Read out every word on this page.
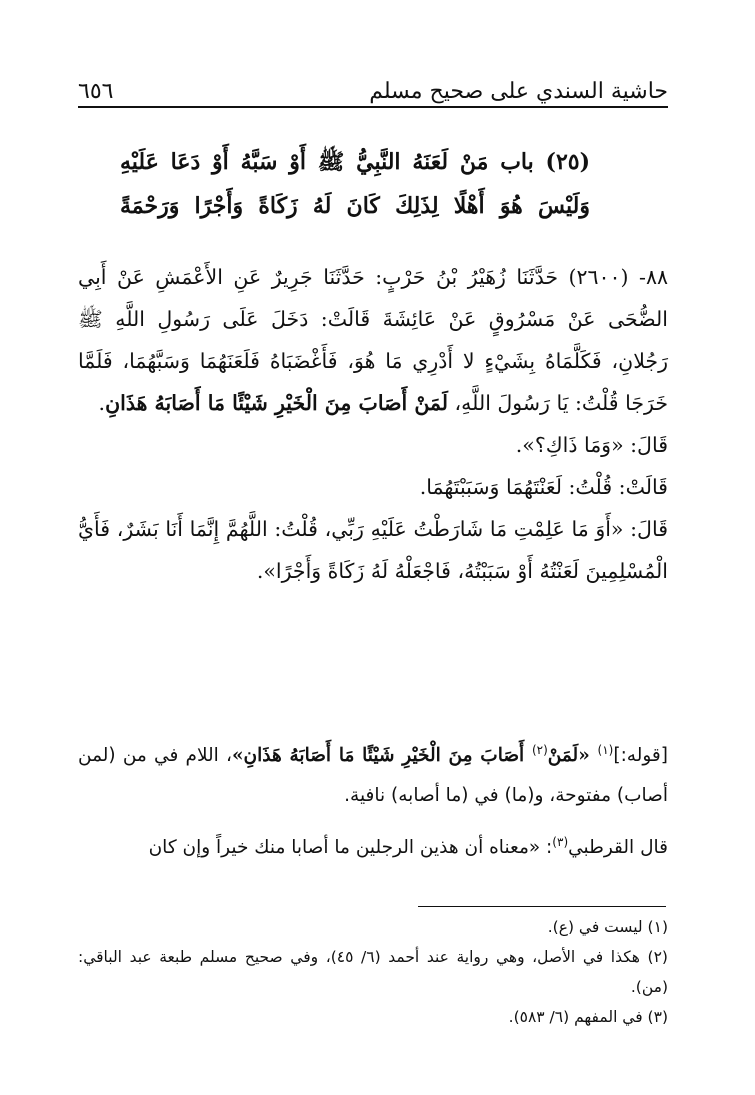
٦٥٦	حاشية السندي على صحيح مسلم
(٢٥) باب مَنْ لَعَنَهُ النَّبِيُّ ﷺ أَوْ سَبَّهُ أَوْ دَعَا عَلَيْهِ
وَلَيْسَ هُوَ أَهْلًا لِذَلِكَ كَانَ لَهُ زَكَاةً وَأَجْرًا وَرَحْمَةً

٨٨- (٢٦٠٠) حَدَّثَنَا زُهَيْرُ بْنُ حَرْبٍ: حَدَّثَنَا جَرِيرٌ عَنِ الأَعْمَشِ عَنْ أَبِي الضُّحَى عَنْ مَسْرُوقٍ عَنْ عَائِشَةَ قَالَتْ: دَخَلَ عَلَى رَسُولِ اللَّهِ ﷺ رَجُلانِ، فَكَلَّمَاهُ بِشَيْءٍ لا أَدْرِي مَا هُوَ، فَأَغْضَبَاهُ فَلَعَنَهُمَا وَسَبَّهُمَا، فَلَمَّا خَرَجَا قُلْتُ: يَا رَسُولَ اللَّهِ، لَمَنْ أَصَابَ مِنَ الْخَيْرِ شَيْئًا مَا أَصَابَهُ هَذَانِ.

قَالَ: «وَمَا ذَاكِ؟».

قَالَتْ: قُلْتُ: لَعَنْتَهُمَا وَسَبَبْتَهُمَا.

قَالَ: «أَوَ مَا عَلِمْتِ مَا شَارَطْتُ عَلَيْهِ رَبِّي، قُلْتُ: اللَّهُمَّ إِنَّمَا أَنَا بَشَرٌ، فَأَيُّ الْمُسْلِمِينَ لَعَنْتُهُ أَوْ سَبَبْتُهُ، فَاجْعَلْهُ لَهُ زَكَاةً وَأَجْرًا».

[قوله:]$^{(١)}$ «لَمَنْ$^{(٢)}$ أَصَابَ مِنَ الْخَيْرِ شَيْئًا مَا أَصَابَهُ هَذَانِ»، اللام في من (لمن أصاب) مفتوحة، و(ما) في (ما أصابه) نافية.

قال القرطبي$^{(٣)}$: «معناه أن هذين الرجلين ما أصابا منك خيراً وإن كان

(١) ليست في (ع).
(٢) هكذا في الأصل، وهي رواية عند أحمد (٦/ ٤٥)، وفي صحيح مسلم طبعة عبد الباقي: (من).
(٣) في المفهم (٦/ ٥٨٣).
